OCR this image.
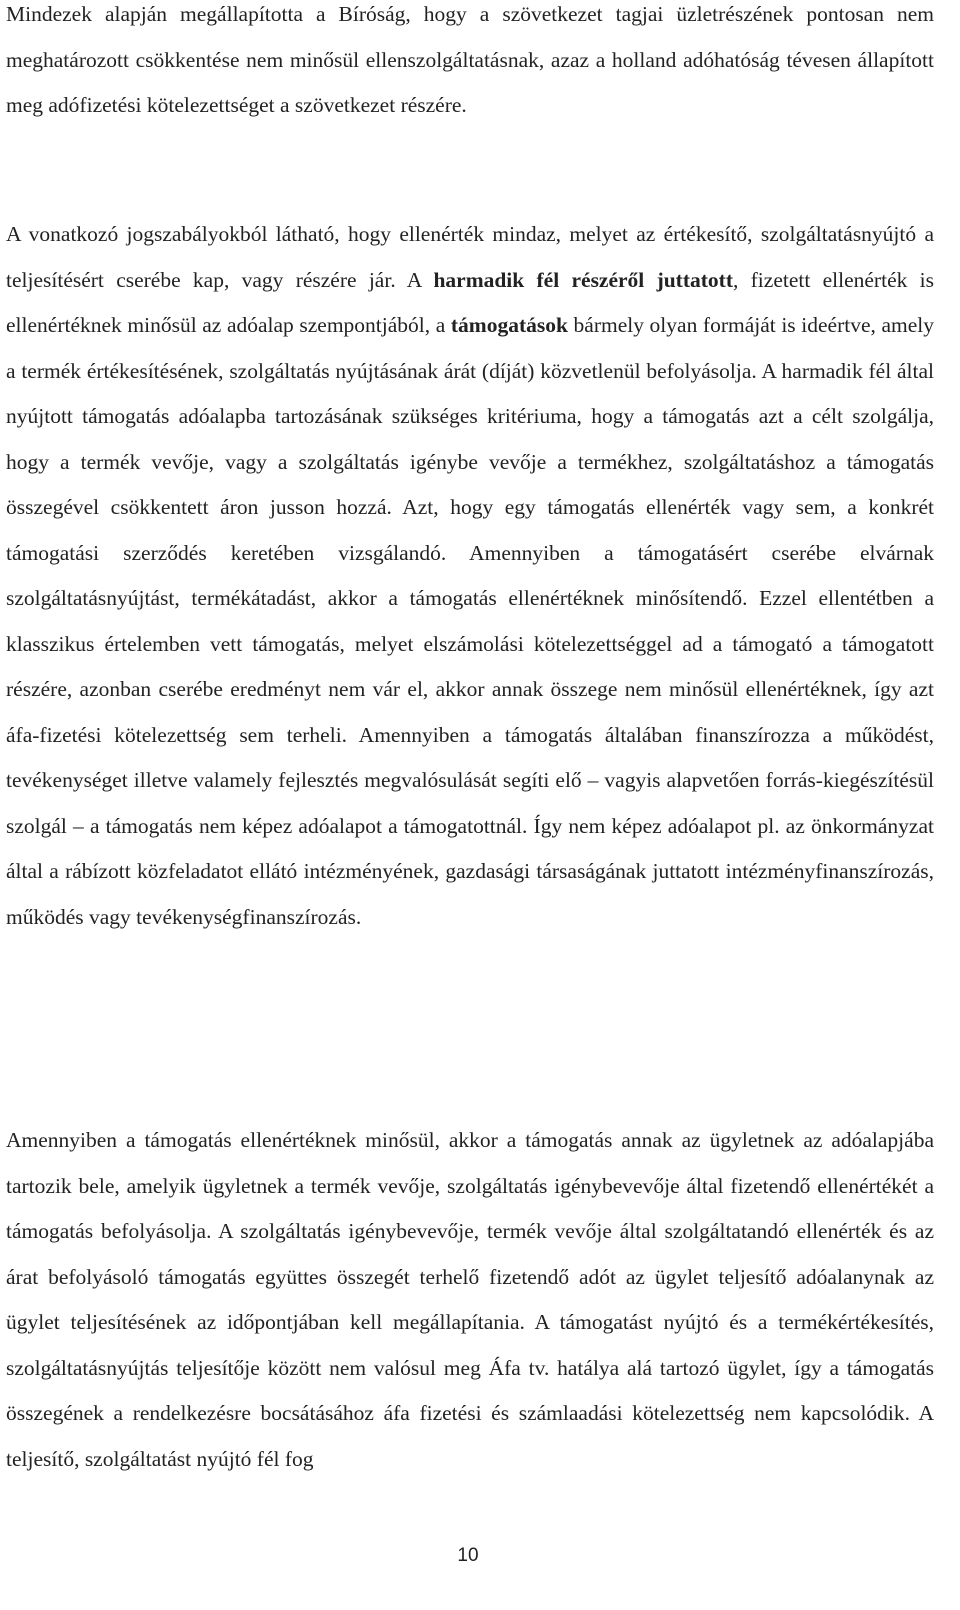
Mindezek alapján megállapította a Bíróság, hogy a szövetkezet tagjai üzletrészének pontosan nem meghatározott csökkentése nem minősül ellenszolgáltatásnak, azaz a holland adóhatóság tévesen állapított meg adófizetési kötelezettséget a szövetkezet részére.

A vonatkozó jogszabályokból látható, hogy ellenérték mindaz, melyet az értékesítő, szolgáltatásnyújtó a teljesítésért cserébe kap, vagy részére jár. A harmadik fél részéről juttatott, fizetett ellenérték is ellenértéknek minősül az adóalap szempontjából, a támogatások bármely olyan formáját is ideértve, amely a termék értékesítésének, szolgáltatás nyújtásának árát (díját) közvetlenül befolyásolja. A harmadik fél által nyújtott támogatás adóalapba tartozásának szükséges kritériuma, hogy a támogatás azt a célt szolgálja, hogy a termék vevője, vagy a szolgáltatás igénybe vevője a termékhez, szolgáltatáshoz a támogatás összegével csökkentett áron jusson hozzá. Azt, hogy egy támogatás ellenérték vagy sem, a konkrét támogatási szerződés keretében vizsgálandó. Amennyiben a támogatásért cserébe elvárnak szolgáltatásnyújtást, termékátadást, akkor a támogatás ellenértéknek minősítendő. Ezzel ellentétben a klasszikus értelemben vett támogatás, melyet elszámolási kötelezettséggel ad a támogató a támogatott részére, azonban cserébe eredményt nem vár el, akkor annak összege nem minősül ellenértéknek, így azt áfa-fizetési kötelezettség sem terheli. Amennyiben a támogatás általában finanszírozza a működést, tevékenységet illetve valamely fejlesztés megvalósulását segíti elő – vagyis alapvetően forrás-kiegészítésül szolgál – a támogatás nem képez adóalapot a támogatottnál. Így nem képez adóalapot pl. az önkormányzat által a rábízott közfeladatot ellátó intézményének, gazdasági társaságának juttatott intézményfinanszírozás, működés vagy tevékenységfinanszírozás.

Amennyiben a támogatás ellenértéknek minősül, akkor a támogatás annak az ügyletnek az adóalapjába tartozik bele, amelyik ügyletnek a termék vevője, szolgáltatás igénybevevője által fizetendő ellenértékét a támogatás befolyásolja. A szolgáltatás igénybevevője, termék vevője által szolgáltatandó ellenérték és az árat befolyásoló támogatás együttes összegét terhelő fizetendő adót az ügylet teljesítő adóalanynak az ügylet teljesítésének az időpontjában kell megállapítania. A támogatást nyújtó és a termékértékesítés, szolgáltatásnyújtás teljesítője között nem valósul meg Áfa tv. hatálya alá tartozó ügylet, így a támogatás összegének a rendelkezésre bocsátásához áfa fizetési és számlaadási kötelezettség nem kapcsolódik. A teljesítő, szolgáltatást nyújtó fél fog

10
